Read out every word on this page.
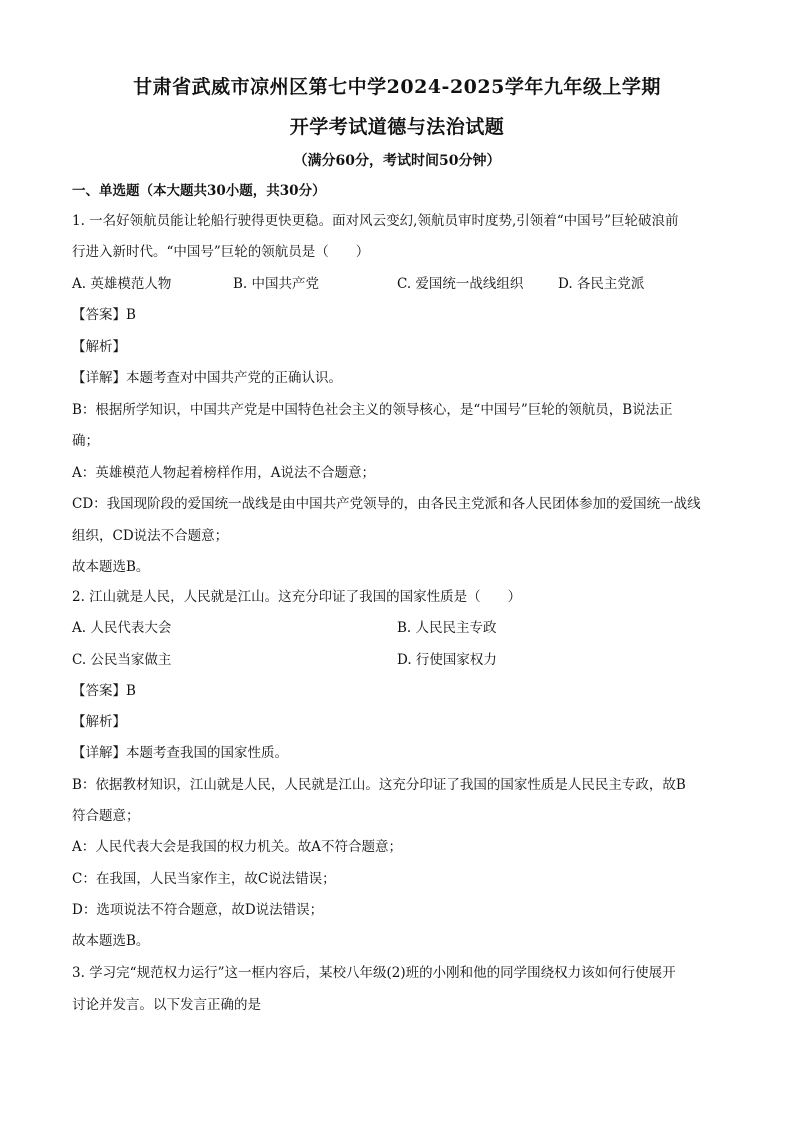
甘肃省武威市凉州区第七中学2024-2025学年九年级上学期
开学考试道德与法治试题
（满分60分，考试时间50分钟）
一、单选题（本大题共30小题，共30分）
1. 一名好领航员能让轮船行驶得更快更稳。面对风云变幻,领航员审时度势,引领着“中国号”巨轮破浪前
行进入新时代。“中国号”巨轮的领航员是（　　）
A. 英雄模范人物	B. 中国共产党	C. 爱国统一战线组织	D. 各民主党派
【答案】B
【解析】
【详解】本题考查对中国共产党的正确认识。
B：根据所学知识，中国共产党是中国特色社会主义的领导核心，是“中国号”巨轮的领航员，B说法正
确；
A：英雄模范人物起着榜样作用，A说法不合题意；
CD：我国现阶段的爱国统一战线是由中国共产党领导的，由各民主党派和各人民团体参加的爱国统一战线
组织，CD说法不合题意；
故本题选B。
2. 江山就是人民，人民就是江山。这充分印证了我国的国家性质是（　　）
A. 人民代表大会	B. 人民民主专政
C. 公民当家做主	D. 行使国家权力
【答案】B
【解析】
【详解】本题考查我国的国家性质。
B：依据教材知识，江山就是人民，人民就是江山。这充分印证了我国的国家性质是人民民主专政，故B
符合题意；
A：人民代表大会是我国的权力机关。故A不符合题意；
C：在我国，人民当家作主，故C说法错误；
D：选项说法不符合题意，故D说法错误；
故本题选B。
3. 学习完“规范权力运行”这一框内容后，某校八年级(2)班的小刚和他的同学围绕权力该如何行使展开
讨论并发言。以下发言正确的是
